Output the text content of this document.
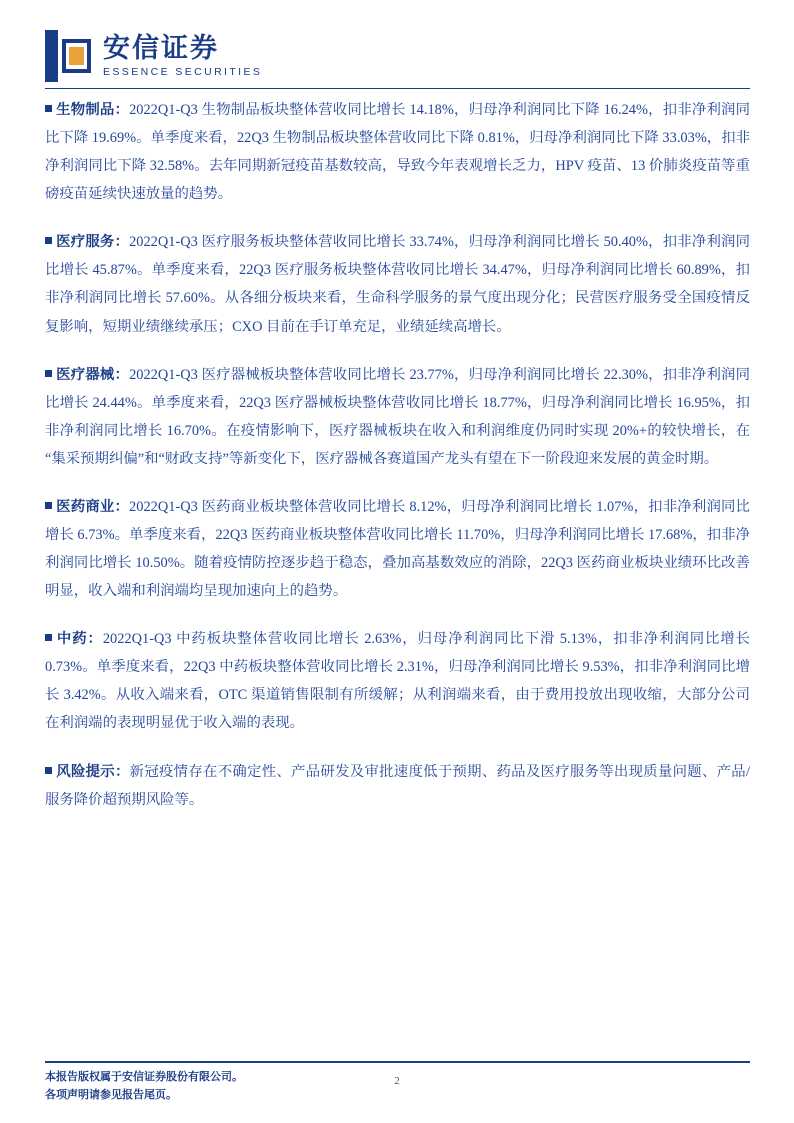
安信证券
ESSENCE SECURITIES

生物制品：2022Q1-Q3 生物制品板块整体营收同比增长 14.18%，归母净利润同比下降 16.24%，扣非净利润同比下降 19.69%。单季度来看，22Q3 生物制品板块整体营收同比下降 0.81%，归母净利润同比下降 33.03%，扣非净利润同比下降 32.58%。去年同期新冠疫苗基数较高，导致今年表观增长乏力，HPV 疫苗、13 价肺炎疫苗等重磅疫苗延续快速放量的趋势。

医疗服务：2022Q1-Q3 医疗服务板块整体营收同比增长 33.74%，归母净利润同比增长 50.40%，扣非净利润同比增长 45.87%。单季度来看，22Q3 医疗服务板块整体营收同比增长 34.47%，归母净利润同比增长 60.89%，扣非净利润同比增长 57.60%。从各细分板块来看，生命科学服务的景气度出现分化；民营医疗服务受全国疫情反复影响，短期业绩继续承压；CXO 目前在手订单充足，业绩延续高增长。

医疗器械：2022Q1-Q3 医疗器械板块整体营收同比增长 23.77%，归母净利润同比增长 22.30%，扣非净利润同比增长 24.44%。单季度来看，22Q3 医疗器械板块整体营收同比增长 18.77%，归母净利润同比增长 16.95%，扣非净利润同比增长 16.70%。在疫情影响下，医疗器械板块在收入和利润维度仍同时实现 20%+的较快增长，在“集采预期纠偏”和“财政支持”等新变化下，医疗器械各赛道国产龙头有望在下一阶段迎来发展的黄金时期。

医药商业：2022Q1-Q3 医药商业板块整体营收同比增长 8.12%，归母净利润同比增长 1.07%，扣非净利润同比增长 6.73%。单季度来看，22Q3 医药商业板块整体营收同比增长 11.70%，归母净利润同比增长 17.68%，扣非净利润同比增长 10.50%。随着疫情防控逐步趋于稳态，叠加高基数效应的消除，22Q3 医药商业板块业绩环比改善明显，收入端和利润端均呈现加速向上的趋势。

中药：2022Q1-Q3 中药板块整体营收同比增长 2.63%，归母净利润同比下滑 5.13%，扣非净利润同比增长 0.73%。单季度来看，22Q3 中药板块整体营收同比增长 2.31%，归母净利润同比增长 9.53%，扣非净利润同比增长 3.42%。从收入端来看，OTC 渠道销售限制有所缓解；从利润端来看，由于费用投放出现收缩，大部分公司在利润端的表现明显优于收入端的表现。

风险提示：新冠疫情存在不确定性、产品研发及审批速度低于预期、药品及医疗服务等出现质量问题、产品/服务降价超预期风险等。

本报告版权属于安信证券股份有限公司。
各项声明请参见报告尾页。
2
